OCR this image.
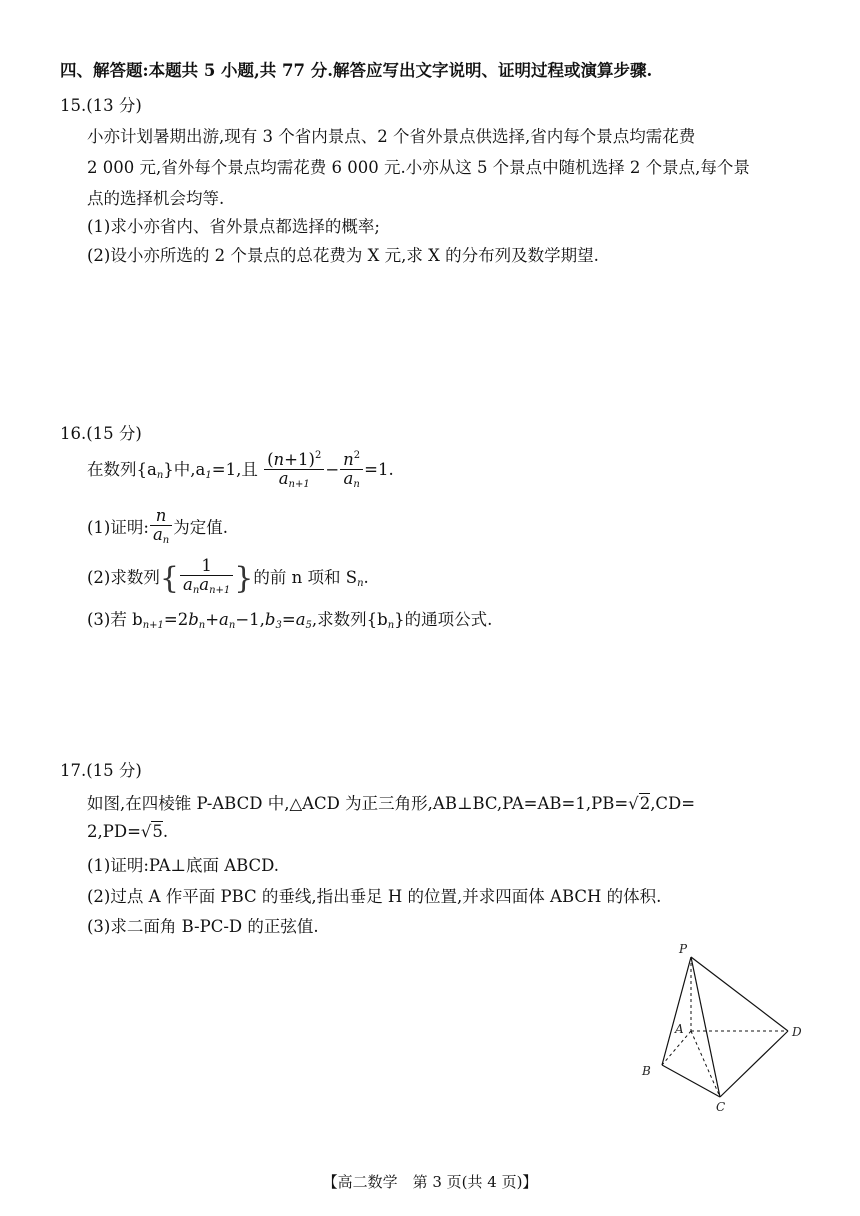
四、解答题:本题共 5 小题,共 77 分.解答应写出文字说明、证明过程或演算步骤.
15.(13 分)
小亦计划暑期出游,现有 3 个省内景点、2 个省外景点供选择,省内每个景点均需花费
2 000 元,省外每个景点均需花费 6 000 元.小亦从这 5 个景点中随机选择 2 个景点,每个景
点的选择机会均等.
(1)求小亦省内、省外景点都选择的概率;
(2)设小亦所选的 2 个景点的总花费为 X 元,求 X 的分布列及数学期望.
16.(15 分)
在数列$\{a_n\}$中$,a_1=1$,且 $\frac{(n+1)^2}{a_{n+1}} - \frac{n^2}{a_n} =1$.
(1)证明: $\frac{n}{a_n}$ 为定值.
(2)求数列{ $\frac{1}{a_na_{n+1}}$ }的前 n 项和 $S_n$.
(3)若 $b_{n+1}=2b_n+a_n-1,b_3=a_5$,求数列$\{b_n\}$的通项公式.
17.(15 分)
如图,在四棱锥 P-ABCD 中,△ACD 为正三角形,AB⊥BC,PA=AB=1,PB=√2,CD=
2,PD=√5.
(1)证明:PA⊥底面 ABCD.
(2)过点 A 作平面 PBC 的垂线,指出垂足 H 的位置,并求四面体 ABCH 的体积.
(3)求二面角 B-PC-D 的正弦值.
P
A
B
C
D
【高二数学　第 3 页(共 4 页)】
